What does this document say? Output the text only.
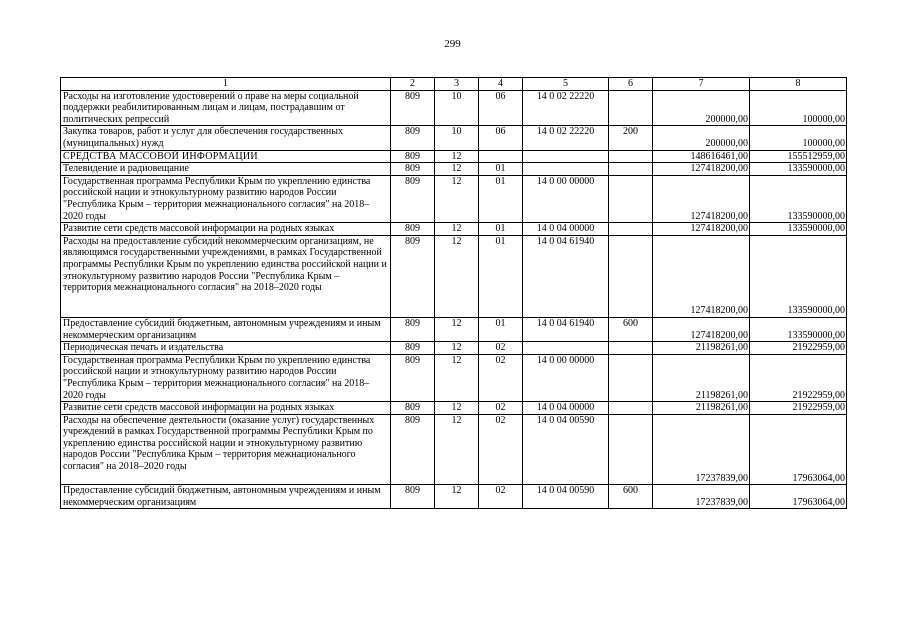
299
1	2	3	4	5	6	7	8
Расходы на изготовление удостоверений о праве на меры социальной поддержки реабилитированным лицам и лицам, пострадавшим от политических репрессий	809	10	06	14 0 02 22220		200000,00	100000,00
Закупка товаров, работ и услуг для обеспечения государственных (муниципальных) нужд	809	10	06	14 0 02 22220	200	200000,00	100000,00
СРЕДСТВА МАССОВОЙ ИНФОРМАЦИИ	809	12				148616461,00	155512959,00
Телевидение и радиовещание	809	12	01			127418200,00	133590000,00
Государственная программа Республики Крым по укреплению единства российской нации и этнокультурному развитию народов России "Республика Крым – территория межнационального согласия" на 2018–2020 годы	809	12	01	14 0 00 00000		127418200,00	133590000,00
Развитие сети средств массовой информации на родных языках	809	12	01	14 0 04 00000		127418200,00	133590000,00
Расходы на предоставление субсидий некоммерческим организациям, не являющимся государственными учреждениями, в рамках Государственной программы Республики Крым по укреплению единства российской нации и этнокультурному развитию народов России "Республика Крым – территория межнационального согласия" на 2018–2020 годы	809	12	01	14 0 04 61940		127418200,00	133590000,00
Предоставление субсидий бюджетным, автономным учреждениям и иным некоммерческим организациям	809	12	01	14 0 04 61940	600	127418200,00	133590000,00
Периодическая печать и издательства	809	12	02			21198261,00	21922959,00
Государственная программа Республики Крым по укреплению единства российской нации и этнокультурному развитию народов России "Республика Крым – территория межнационального согласия" на 2018–2020 годы	809	12	02	14 0 00 00000		21198261,00	21922959,00
Развитие сети средств массовой информации на родных языках	809	12	02	14 0 04 00000		21198261,00	21922959,00
Расходы на обеспечение деятельности (оказание услуг) государственных учреждений в рамках Государственной программы Республики Крым по укреплению единства российской нации и этнокультурному развитию народов России "Республика Крым – территория межнационального согласия" на 2018–2020 годы	809	12	02	14 0 04 00590		17237839,00	17963064,00
Предоставление субсидий бюджетным, автономным учреждениям и иным некоммерческим организациям	809	12	02	14 0 04 00590	600	17237839,00	17963064,00
